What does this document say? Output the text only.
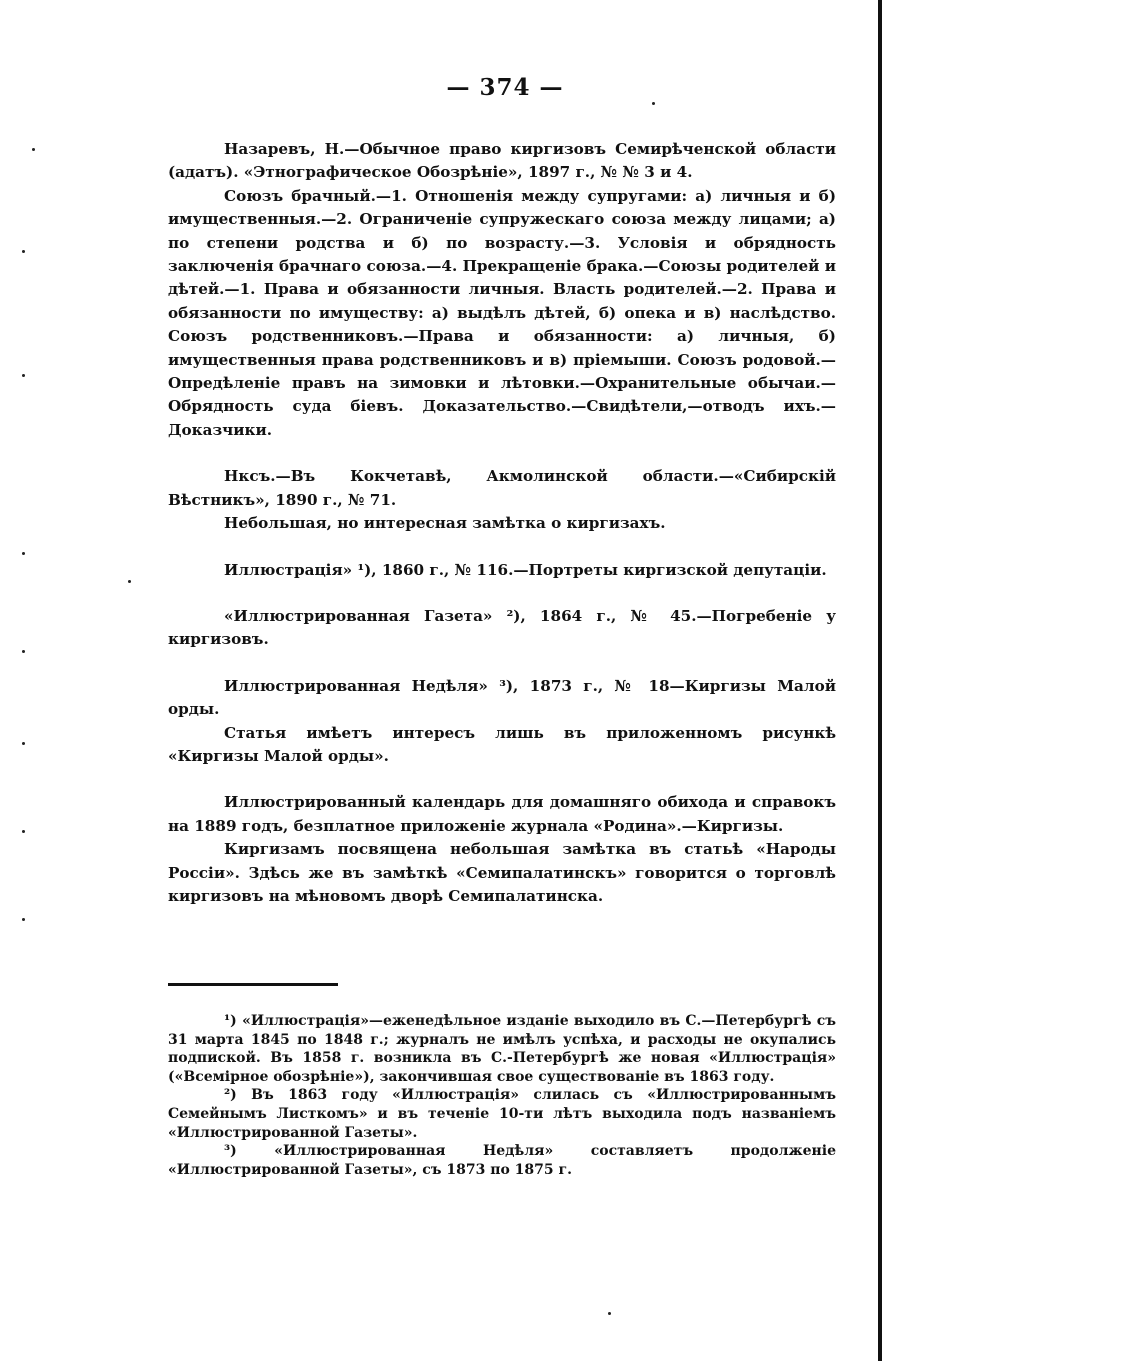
— 374 —

Назаревъ, Н.—Обычное право киргизовъ Семирѣченской области (адатъ). «Этнографическое Обозрѣніе», 1897 г., № № 3 и 4.

Союзъ брачный.—1. Отношенія между супругами: а) личныя и б) имущественныя.—2. Ограниченіе супружескаго союза между лицами; а) по степени родства и б) по возрасту.—3. Условія и обрядность заключенія брачнаго союза.—4. Прекращеніе брака.—Союзы родителей и дѣтей.—1. Права и обязанности личныя. Власть родителей.—2. Права и обязанности по имуществу: а) выдѣлъ дѣтей, б) опека и в) наслѣдство. Союзъ родственниковъ.—Права и обязанности: а) личныя, б) имущественныя права родственниковъ и в) пріемыши. Союзъ родовой.—Опредѣленіе правъ на зимовки и лѣтовки.—Охранительные обычаи.—Обрядность суда біевъ. Доказательство.—Свидѣтели,—отводъ ихъ.—Доказчики.

Нксъ.—Въ Кокчетавѣ, Акмолинской области.—«Сибирскій Вѣстникъ», 1890 г., № 71.

Небольшая, но интересная замѣтка о киргизахъ.

Иллюстрація» ¹), 1860 г., № 116.—Портреты киргизской депутаціи.

«Иллюстрированная Газета» ²), 1864 г., № 45.—Погребеніе у киргизовъ.

Иллюстрированная Недѣля» ³), 1873 г., № 18—Киргизы Малой орды.

Статья имѣетъ интересъ лишь въ приложенномъ рисункѣ «Киргизы Малой орды».

Иллюстрированный календарь для домашняго обихода и справокъ на 1889 годъ, безплатное приложеніе журнала «Родина».—Киргизы.

Киргизамъ посвящена небольшая замѣтка въ статьѣ «Народы Россіи». Здѣсь же въ замѣткѣ «Семипалатинскъ» говорится о торговлѣ киргизовъ на мѣновомъ дворѣ Семипалатинска.

¹) «Иллюстрація»—еженедѣльное изданіе выходило въ С.—Петербургѣ съ 31 марта 1845 по 1848 г.; журналъ не имѣлъ успѣха, и расходы не окупались подпиской. Въ 1858 г. возникла въ С.-Петербургѣ же новая «Иллюстрація» («Всемірное обозрѣніе»), закончившая свое существованіе въ 1863 году.

²) Въ 1863 году «Иллюстрація» слилась съ «Иллюстрированнымъ Семейнымъ Листкомъ» и въ теченіе 10-ти лѣтъ выходила подъ названіемъ «Иллюстрированной Газеты».

³) «Иллюстрированная Недѣля» составляетъ продолженіе «Иллюстрированной Газеты», съ 1873 по 1875 г.
